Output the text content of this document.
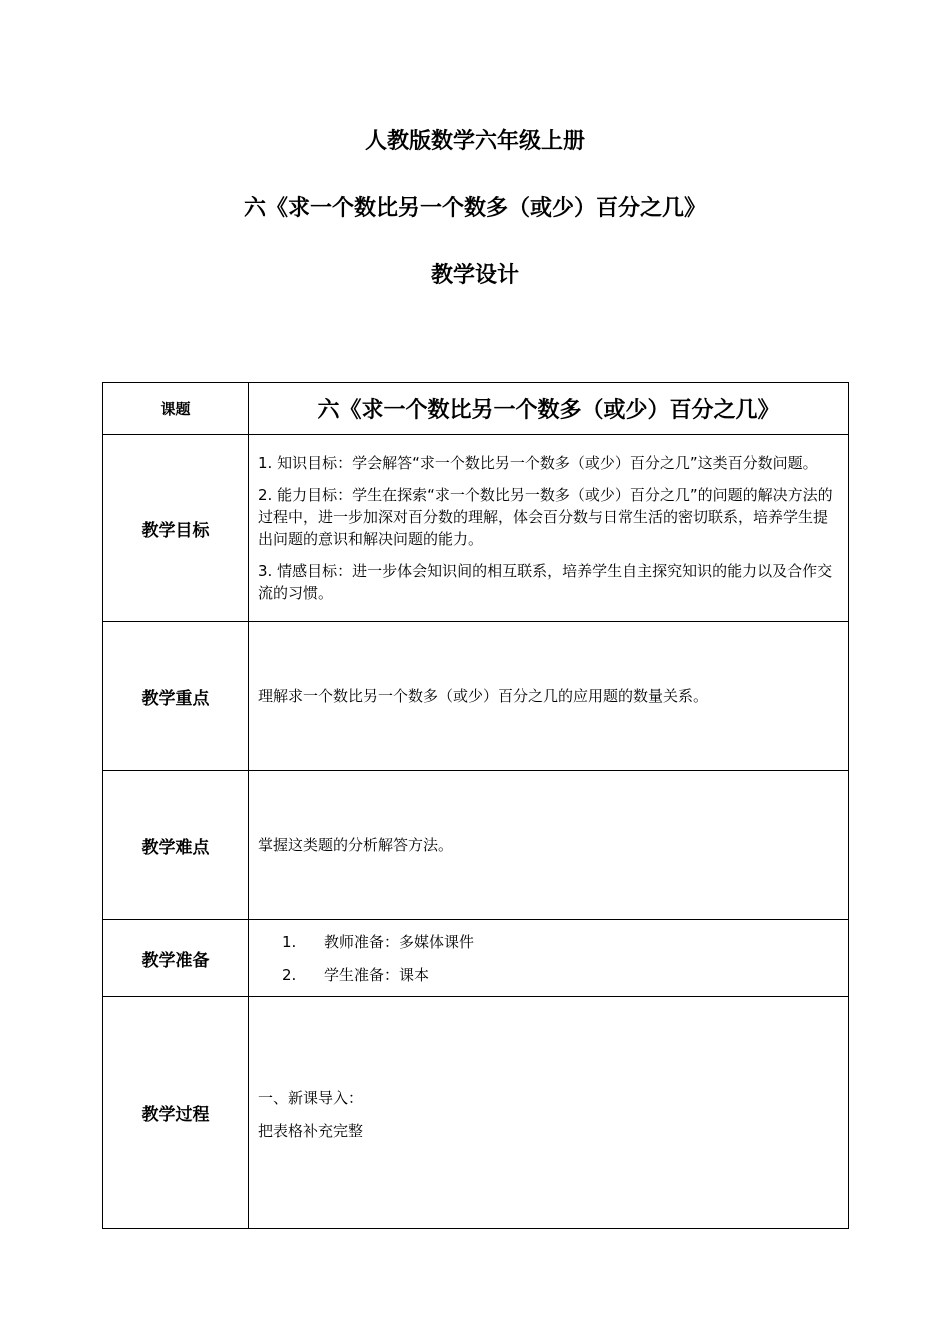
人教版数学六年级上册
六《求一个数比另一个数多（或少）百分之几》
教学设计
课题	六《求一个数比另一个数多（或少）百分之几》
教学目标	1. 知识目标：学会解答“求一个数比另一个数多（或少）百分之几”这类百分数问题。

2. 能力目标：学生在探索“求一个数比另一数多（或少）百分之几”的问题的解决方法的过程中，进一步加深对百分数的理解，体会百分数与日常生活的密切联系，培养学生提出问题的意识和解决问题的能力。

3. 情感目标：进一步体会知识间的相互联系，培养学生自主探究知识的能力以及合作交流的习惯。

教学重点	理解求一个数比另一个数多（或少）百分之几的应用题的数量关系。
教学难点	掌握这类题的分析解答方法。
教学准备	1. 教师准备：多媒体课件
2. 学生准备：课本

教学过程	一、新课导入：

把表格补充完整
